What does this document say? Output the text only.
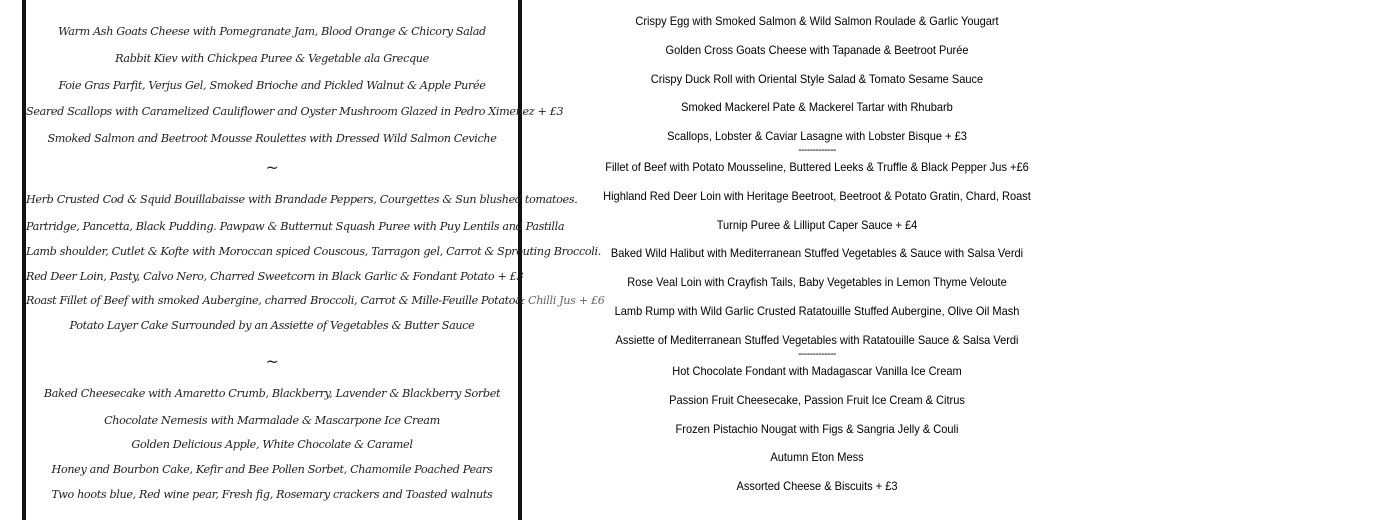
Warm Ash Goats Cheese with Pomegranate Jam, Blood Orange & Chicory Salad
Rabbit Kiev with Chickpea Puree & Vegetable ala Grecque
Foie Gras Parfit, Verjus Gel, Smoked Brioche and Pickled Walnut & Apple Purée
Seared Scallops with Caramelized Cauliflower and Oyster Mushroom Glazed in Pedro Ximenez + £3
Smoked Salmon and Beetroot Mousse Roulettes with Dressed Wild Salmon Ceviche
~
Herb Crusted Cod & Squid Bouillabaisse with Brandade Peppers, Courgettes & Sun blushed tomatoes.
Partridge, Pancetta, Black Pudding. Pawpaw & Butternut Squash Puree with Puy Lentils and Pastilla
Lamb shoulder, Cutlet & Kofte with Moroccan spiced Couscous, Tarragon gel, Carrot & Sprouting Broccoli.
Red Deer Loin, Pasty, Calvo Nero, Charred Sweetcorn in Black Garlic & Fondant Potato + £3
Roast Fillet of Beef with smoked Aubergine, charred Broccoli, Carrot & Mille-Feuille Potato& Chilli Jus + £6
Potato Layer Cake Surrounded by an Assiette of Vegetables & Butter Sauce
~
Baked Cheesecake with Amaretto Crumb, Blackberry, Lavender & Blackberry Sorbet
Chocolate Nemesis with Marmalade & Mascarpone Ice Cream
Golden Delicious Apple, White Chocolate & Caramel
Honey and Bourbon Cake, Kefir and Bee Pollen Sorbet, Chamomile Poached Pears
Two hoots blue, Red wine pear, Fresh fig, Rosemary crackers and Toasted walnuts
Crispy Egg with Smoked Salmon & Wild Salmon Roulade & Garlic Yougart
Golden Cross Goats Cheese with Tapanade & Beetroot Purée
Crispy Duck Roll with Oriental Style Salad & Tomato Sesame Sauce
Smoked Mackerel Pate & Mackerel Tartar with Rhubarb
Scallops, Lobster & Caviar Lasagne with Lobster Bisque + £3
-------------
Fillet of Beef with Potato Mousseline, Buttered Leeks & Truffle & Black Pepper Jus +£6
Highland Red Deer Loin with Heritage Beetroot, Beetroot & Potato Gratin, Chard, Roast
Turnip Puree & Lilliput Caper Sauce + £4
Baked Wild Halibut with Mediterranean Stuffed Vegetables & Sauce with Salsa Verdi
Rose Veal Loin with Crayfish Tails, Baby Vegetables in Lemon Thyme Veloute
Lamb Rump with Wild Garlic Crusted Ratatouille Stuffed Aubergine, Olive Oil Mash
Assiette of Mediterranean Stuffed Vegetables with Ratatouille Sauce & Salsa Verdi
-------------
Hot Chocolate Fondant with Madagascar Vanilla Ice Cream
Passion Fruit Cheesecake, Passion Fruit Ice Cream & Citrus
Frozen Pistachio Nougat with Figs & Sangria Jelly & Couli
Autumn Eton Mess
Assorted Cheese & Biscuits + £3
